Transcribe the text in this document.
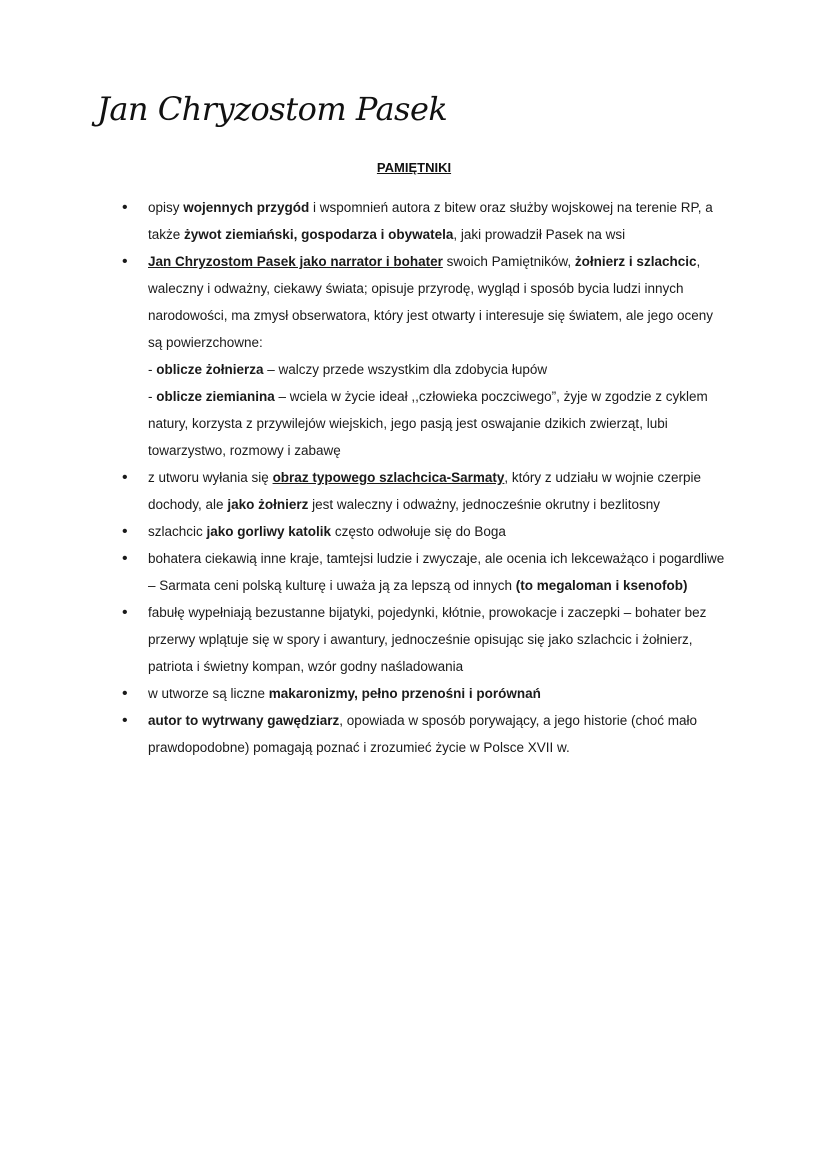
Jan Chryzostom Pasek
PAMIĘTNIKI
• opisy wojennych przygód i wspomnień autora z bitew oraz służby wojskowej na terenie RP, a także żywot ziemiański, gospodarza i obywatela, jaki prowadził Pasek na wsi
• Jan Chryzostom Pasek jako narrator i bohater swoich Pamiętników, żołnierz i szlachcic, waleczny i odważny, ciekawy świata; opisuje przyrodę, wygląd i sposób bycia ludzi innych narodowości, ma zmysł obserwatora, który jest otwarty i interesuje się światem, ale jego oceny są powierzchowne:
- oblicze żołnierza – walczy przede wszystkim dla zdobycia łupów
- oblicze ziemianina – wciela w życie ideał ,,człowieka poczciwego”, żyje w zgodzie z cyklem natury, korzysta z przywilejów wiejskich, jego pasją jest oswajanie dzikich zwierząt, lubi towarzystwo, rozmowy i zabawę
• z utworu wyłania się obraz typowego szlachcica-Sarmaty, który z udziału w wojnie czerpie dochody, ale jako żołnierz jest waleczny i odważny, jednocześnie okrutny i bezlitosny
• szlachcic jako gorliwy katolik często odwołuje się do Boga
• bohatera ciekawią inne kraje, tamtejsi ludzie i zwyczaje, ale ocenia ich lekceważąco i pogardliwe – Sarmata ceni polską kulturę i uważa ją za lepszą od innych (to megaloman i ksenofob)
• fabułę wypełniają bezustanne bijatyki, pojedynki, kłótnie, prowokacje i zaczepki – bohater bez przerwy wplątuje się w spory i awantury, jednocześnie opisując się jako szlachcic i żołnierz, patriota i świetny kompan, wzór godny naśladowania
• w utworze są liczne makaronizmy, pełno przenośni i porównań
• autor to wytrwany gawędziarz, opowiada w sposób porywający, a jego historie (choć mało prawdopodobne) pomagają poznać i zrozumieć życie w Polsce XVII w.
